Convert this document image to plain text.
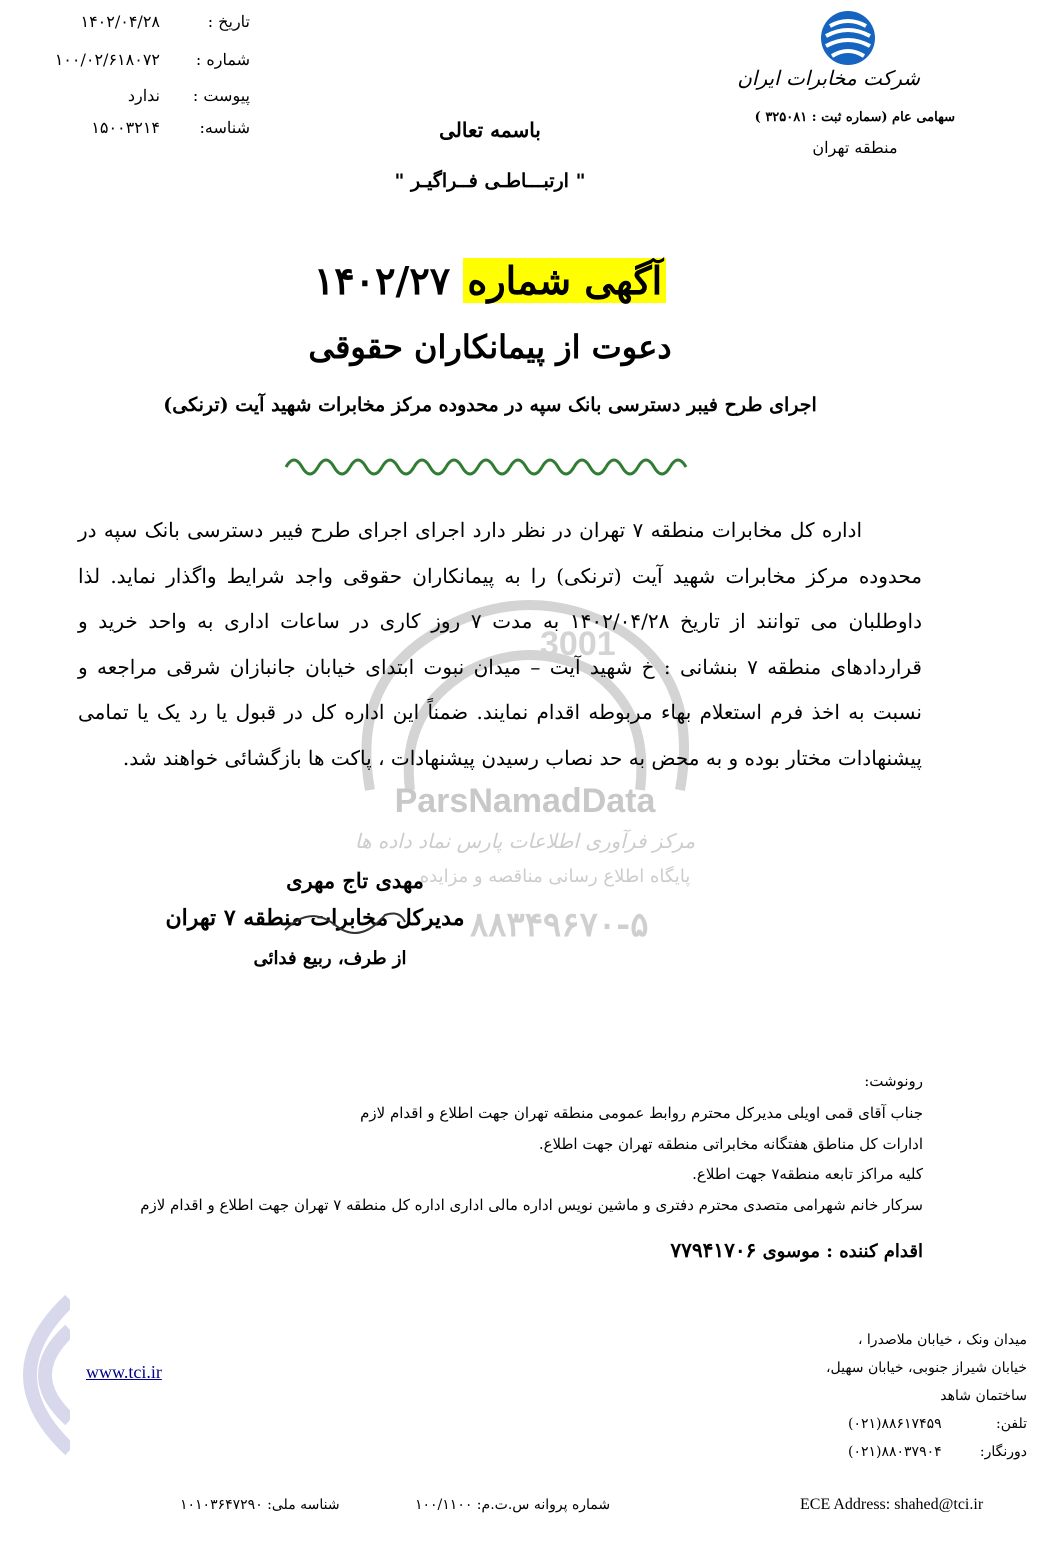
تاریخ :
۱۴۰۲/۰۴/۲۸
شماره :
۱۰۰/۰۲/۶۱۸۰۷۲
پیوست :
ندارد
شناسه:
۱۵۰۰۳۲۱۴
شرکت مخابرات ایران
سهامی عام (سماره ثبت : ۳۲۵۰۸۱ )
منطقه تهران
باسمه تعالی
" ارتبـــاطـی فــراگیـر "
آگهی شماره ۱۴۰۲/۲۷
دعوت از پیمانکاران حقوقی
اجرای طرح فیبر دسترسی بانک سپه در محدوده مرکز مخابرات شهید آیت (ترنکی)
3001
ParsNamadData
مرکز فرآوری اطلاعات پارس نماد داده ها
پایگاه اطلاع رسانی مناقصه و مزایده
۸۸۳۴۹۶۷۰-۵
اداره کل مخابرات منطقه ۷ تهران در نظر دارد اجرای اجرای طرح فیبر دسترسی بانک سپه در محدوده مرکز مخابرات شهید آیت (ترنکی) را به پیمانکاران حقوقی واجد شرایط واگذار نماید. لذا داوطلبان می توانند از تاریخ ۱۴۰۲/۰۴/۲۸ به مدت ۷ روز کاری در ساعات اداری به واحد خرید و قراردادهای منطقه ۷ بنشانی : خ شهید آیت – میدان نبوت ابتدای خیابان جانبازان شرقی مراجعه و نسبت به اخذ فرم استعلام بهاء مربوطه اقدام نمایند. ضمناً این اداره کل در قبول یا رد یک یا تمامی پیشنهادات مختار بوده و به محض به حد نصاب رسیدن پیشنهادات ، پاکت ها بازگشائی خواهند شد.
مهدی تاج مهری
مدیرکل مخابرات منطقه ۷ تهران
از طرف، ربیع فدائی
رونوشت:
جناب آقای قمی اویلی مدیرکل محترم روابط عمومی منطقه تهران جهت اطلاع و اقدام لازم
ادارات کل مناطق هفتگانه مخابراتی منطقه تهران جهت اطلاع.
کلیه مراکز تابعه منطقه۷ جهت اطلاع.
سرکار خانم شهرامی متصدی محترم دفتری و ماشین نویس اداره مالی اداری اداره کل منطقه ۷ تهران جهت اطلاع و اقدام لازم
اقدام کننده : موسوی ۷۷۹۴۱۷۰۶
www.tci.ir
میدان ونک ، خیابان ملاصدرا ،
خیابان شیراز جنوبی، خیابان سهیل،
ساختمان شاهد
تلفن:
(۰۲۱)۸۸۶۱۷۴۵۹
دورنگار:
(۰۲۱)۸۸۰۳۷۹۰۴
شناسه ملی: ۱۰۱۰۳۶۴۷۲۹۰	شماره پروانه س.ت.م: ۱۰۰/۱۱۰۰	ECE Address: shahed@tci.ir
